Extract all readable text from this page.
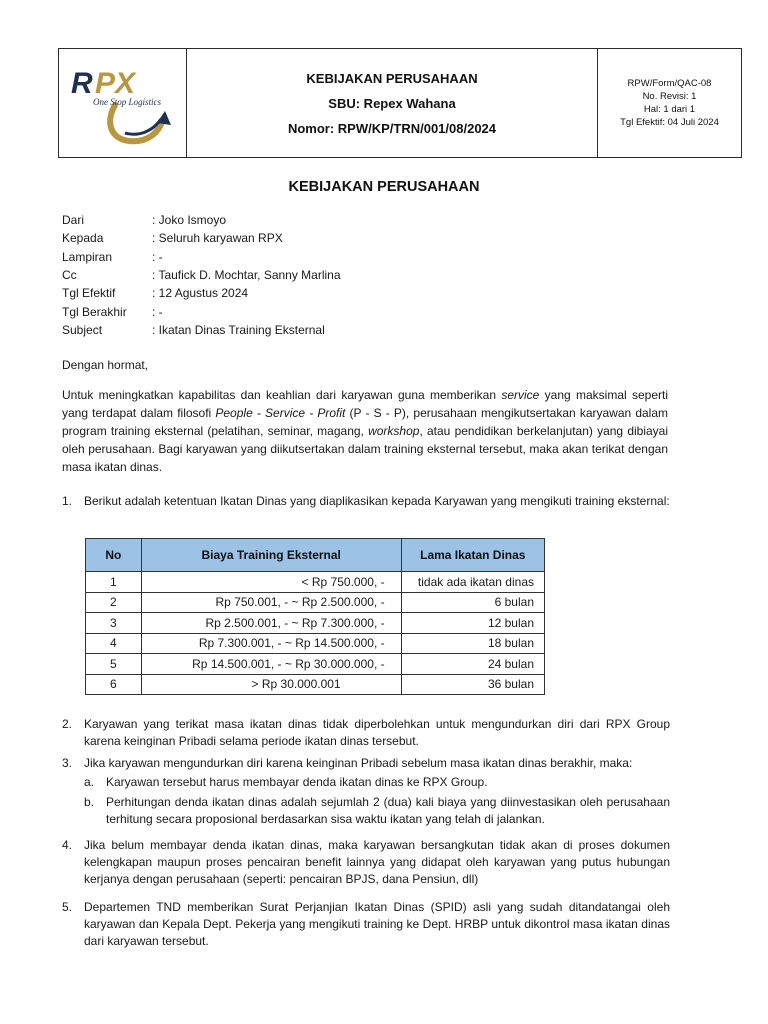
R PX
One Stop Logistics
KEBIJAKAN PERUSAHAAN
SBU: Repex Wahana
Nomor: RPW/KP/TRN/001/08/2024
RPW/Form/QAC-08
No. Revisi: 1
Hal: 1 dari 1
Tgl Efektif: 04 Juli 2024
KEBIJAKAN PERUSAHAAN
Dari	: Joko Ismoyo
Kepada	: Seluruh karyawan RPX
Lampiran	: -
Cc	: Taufick D. Mochtar, Sanny Marlina
Tgl Efektif	: 12 Agustus 2024
Tgl Berakhir	: -
Subject	: Ikatan Dinas Training Eksternal
Dengan hormat,
Untuk meningkatkan kapabilitas dan keahlian dari karyawan guna memberikan service yang maksimal seperti yang terdapat dalam filosofi People - Service - Profit (P - S - P), perusahaan mengikutsertakan karyawan dalam program training eksternal (pelatihan, seminar, magang, workshop, atau pendidikan berkelanjutan) yang dibiayai oleh perusahaan. Bagi karyawan yang diikutsertakan dalam training eksternal tersebut, maka akan terikat dengan masa ikatan dinas.
1. Berikut adalah ketentuan Ikatan Dinas yang diaplikasikan kepada Karyawan yang mengikuti training eksternal:
No	Biaya Training Eksternal	Lama Ikatan Dinas
1	< Rp 750.000, -	tidak ada ikatan dinas
2	Rp 750.001, - ~ Rp 2.500.000, -	6 bulan
3	Rp 2.500.001, - ~ Rp 7.300.000, -	12 bulan
4	Rp 7.300.001, - ~ Rp 14.500.000, -	18 bulan
5	Rp 14.500.001, - ~ Rp 30.000.000, -	24 bulan
6	> Rp 30.000.001	36 bulan
2. Karyawan yang terikat masa ikatan dinas tidak diperbolehkan untuk mengundurkan diri dari RPX Group karena keinginan Pribadi selama periode ikatan dinas tersebut.
3. Jika karyawan mengundurkan diri karena keinginan Pribadi sebelum masa ikatan dinas berakhir, maka:
a. Karyawan tersebut harus membayar denda ikatan dinas ke RPX Group.
b. Perhitungan denda ikatan dinas adalah sejumlah 2 (dua) kali biaya yang diinvestasikan oleh perusahaan terhitung secara proposional berdasarkan sisa waktu ikatan yang telah di jalankan.
4. Jika belum membayar denda ikatan dinas, maka karyawan bersangkutan tidak akan di proses dokumen kelengkapan maupun proses pencairan benefit lainnya yang didapat oleh karyawan yang putus hubungan kerjanya dengan perusahaan (seperti: pencairan BPJS, dana Pensiun, dll)
5. Departemen TND memberikan Surat Perjanjian Ikatan Dinas (SPID) asli yang sudah ditandatangai oleh karyawan dan Kepala Dept. Pekerja yang mengikuti training ke Dept. HRBP untuk dikontrol masa ikatan dinas dari karyawan tersebut.
